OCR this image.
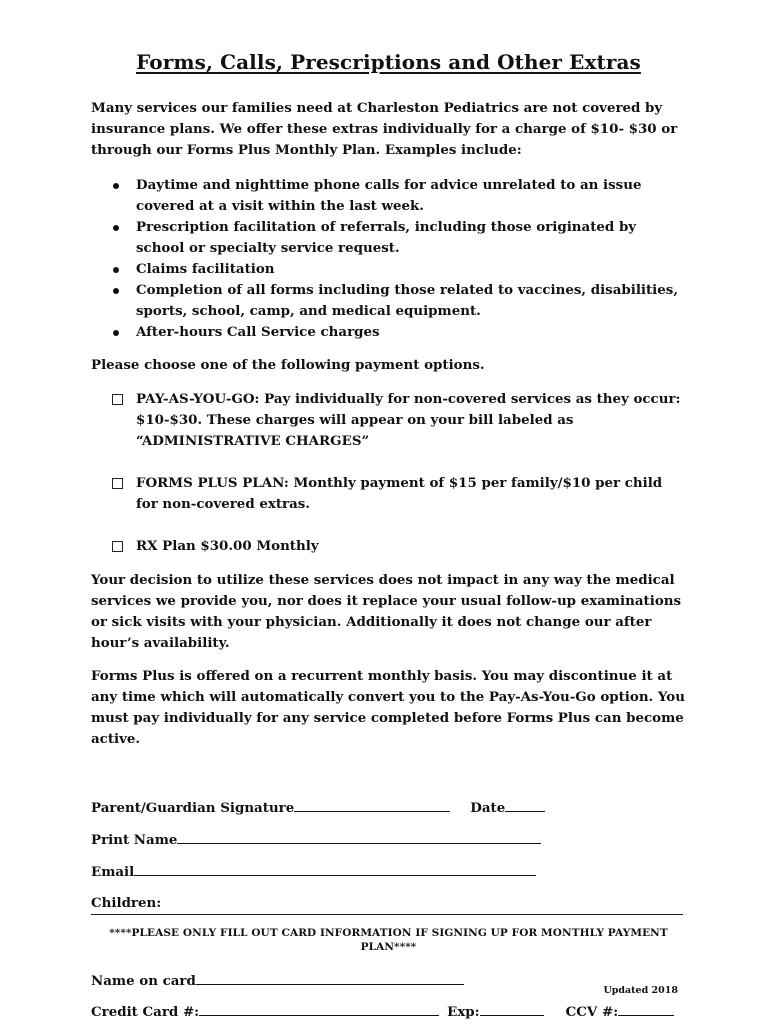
Forms, Calls, Prescriptions and Other Extras

Many services our families need at Charleston Pediatrics are not covered by insurance plans. We offer these extras individually for a charge of $10- $30 or through our Forms Plus Monthly Plan. Examples include:

Daytime and nighttime phone calls for advice unrelated to an issue covered at a visit within the last week.
Prescription facilitation of referrals, including those originated by school or specialty service request.
Claims facilitation
Completion of all forms including those related to vaccines, disabilities, sports, school, camp, and medical equipment.
After-hours Call Service charges

Please choose one of the following payment options.

PAY-AS-YOU-GO: Pay individually for non-covered services as they occur: $10-$30. These charges will appear on your bill labeled as “ADMINISTRATIVE CHARGES”
FORMS PLUS PLAN: Monthly payment of $15 per family/$10 per child for non-covered extras.
RX Plan $30.00 Monthly

Your decision to utilize these services does not impact in any way the medical services we provide you, nor does it replace your usual follow-up examinations or sick visits with your physician. Additionally it does not change our after hour’s availability.

Forms Plus is offered on a recurrent monthly basis. You may discontinue it at any time which will automatically convert you to the Pay-As-You-Go option. You must pay individually for any service completed before Forms Plus can become active.

Parent/Guardian Signature	Date
Print Name
Email
Children:
****PLEASE ONLY FILL OUT CARD INFORMATION IF SIGNING UP FOR MONTHLY PAYMENT PLAN****
Name on card
Credit Card #:	Exp:	CCV #:
Updated 2018
